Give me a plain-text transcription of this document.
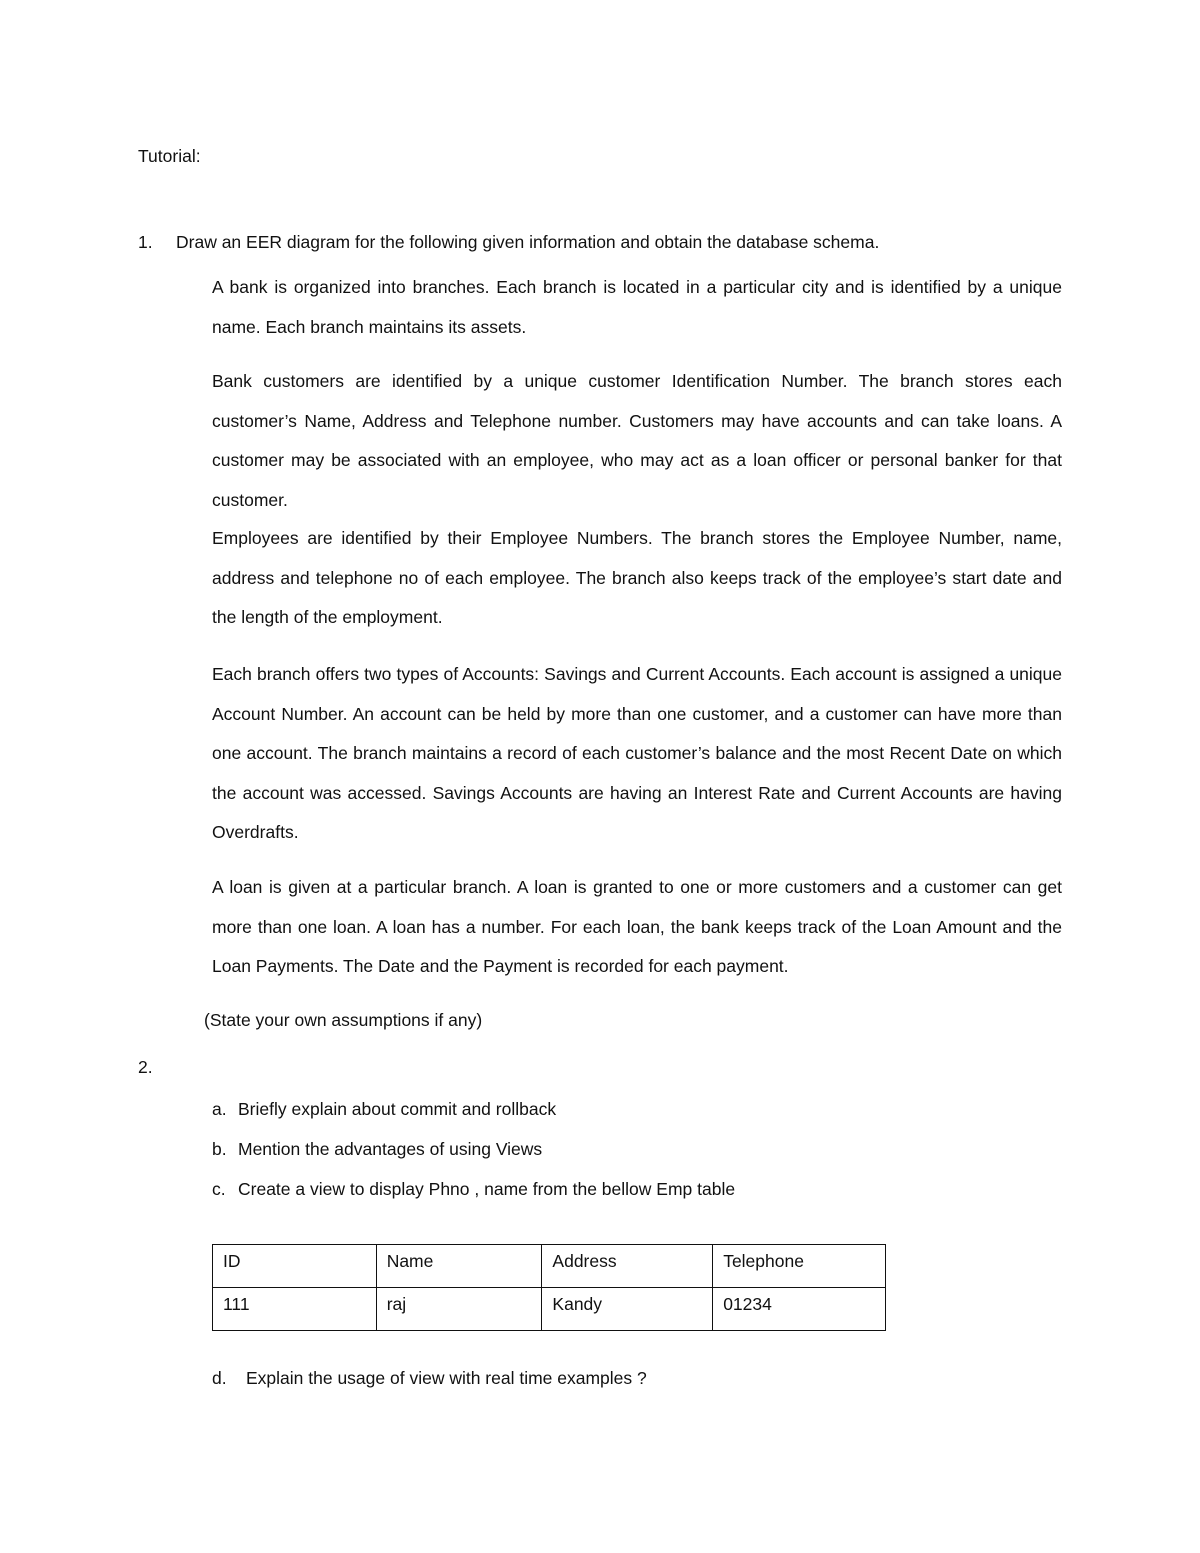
Tutorial:
1. Draw an EER diagram for the following given information and obtain the database schema.
A bank is organized into branches. Each branch is located in a particular city and is identified by a unique name. Each branch maintains its assets.
Bank customers are identified by a unique customer Identification Number. The branch stores each customer’s Name, Address and Telephone number. Customers may have accounts and can take loans. A customer may be associated with an employee, who may act as a loan officer or personal banker for that customer.
Employees are identified by their Employee Numbers. The branch stores the Employee Number, name, address and telephone no of each employee. The branch also keeps track of the employee’s start date and the length of the employment.
Each branch offers two types of Accounts: Savings and Current Accounts. Each account is assigned a unique Account Number. An account can be held by more than one customer, and a customer can have more than one account. The branch maintains a record of each customer’s balance and the most Recent Date on which the account was accessed. Savings Accounts are having an Interest Rate and Current Accounts are having Overdrafts.
A loan is given at a particular branch. A loan is granted to one or more customers and a customer can get more than one loan. A loan has a number. For each loan, the bank keeps track of the Loan Amount and the Loan Payments. The Date and the Payment is recorded for each payment.
(State your own assumptions if any)
2.
a. Briefly explain about commit and rollback
b. Mention the advantages of using Views
c. Create a view to display Phno , name from the bellow Emp table
ID	Name	Address	Telephone
111	raj	Kandy	01234
d. Explain the usage of view with real time examples ?
